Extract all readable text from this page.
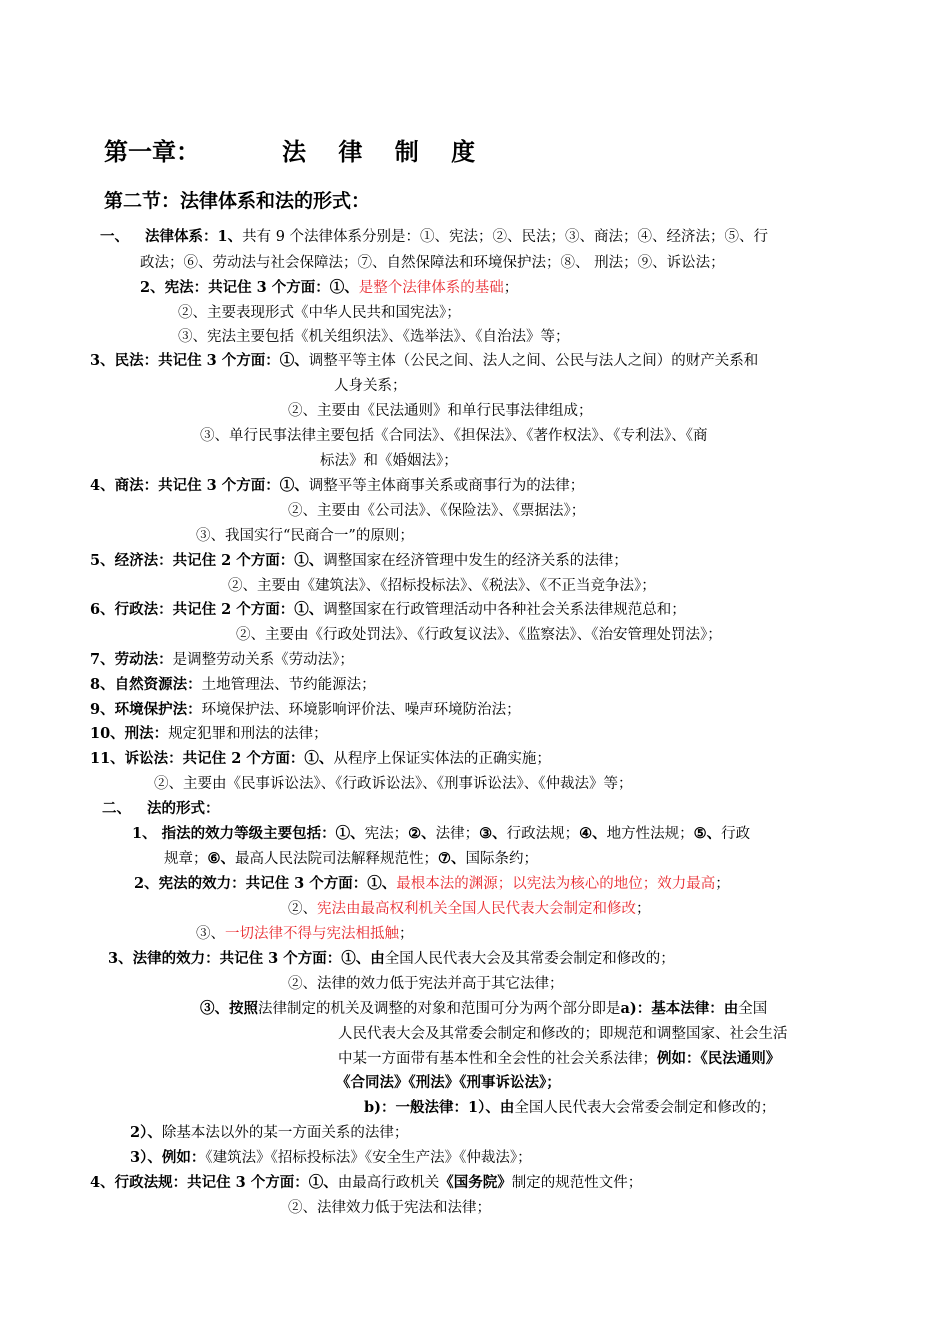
第一章：	法 律 制 度
第二节：法律体系和法的形式：
一、 法律体系：1、共有 9 个法律体系分别是：①、宪法；②、民法；③、商法；④、经济法；⑤、行
政法；⑥、劳动法与社会保障法；⑦、自然保障法和环境保护法；⑧、 刑法；⑨、诉讼法；
2、宪法：共记住 3 个方面：①、是整个法律体系的基础；
②、主要表现形式《中华人民共和国宪法》；
③、宪法主要包括《机关组织法》、《选举法》、《自治法》等；
3、民法：共记住 3 个方面：①、调整平等主体（公民之间、法人之间、公民与法人之间）的财产关系和
人身关系；
②、主要由《民法通则》和单行民事法律组成；
③、单行民事法律主要包括《合同法》、《担保法》、《著作权法》、《专利法》、《商
标法》和《婚姻法》；
4、商法：共记住 3 个方面：①、调整平等主体商事关系或商事行为的法律；
②、主要由《公司法》、《保险法》、《票据法》；
③、我国实行“民商合一”的原则；
5、经济法：共记住 2 个方面：①、调整国家在经济管理中发生的经济关系的法律；
②、主要由《建筑法》、《招标投标法》、《税法》、《不正当竞争法》；
6、行政法：共记住 2 个方面：①、调整国家在行政管理活动中各种社会关系法律规范总和；
②、主要由《行政处罚法》、《行政复议法》、《监察法》、《治安管理处罚法》；
7、劳动法：是调整劳动关系《劳动法》；
8、自然资源法：土地管理法、节约能源法；
9、环境保护法：环境保护法、环境影响评价法、噪声环境防治法；
10、刑法：规定犯罪和刑法的法律；
11、诉讼法：共记住 2 个方面：①、从程序上保证实体法的正确实施；
②、主要由《民事诉讼法》、《行政诉讼法》、《刑事诉讼法》、《仲裁法》等；
二、 法的形式：
1、 指法的效力等级主要包括：①、宪法；②、法律；③、行政法规；④、地方性法规；⑤、行政
规章；⑥、最高人民法院司法解释规范性；⑦、国际条约；
2、宪法的效力：共记住 3 个方面：①、最根本法的渊源；以宪法为核心的地位；效力最高；
②、宪法由最高权利机关全国人民代表大会制定和修改；
③、一切法律不得与宪法相抵触；
3、法律的效力：共记住 3 个方面：①、由全国人民代表大会及其常委会制定和修改的；
②、法律的效力低于宪法并高于其它法律；
③、按照法律制定的机关及调整的对象和范围可分为两个部分即是a)：基本法律：由全国
人民代表大会及其常委会制定和修改的；即规范和调整国家、社会生活
中某一方面带有基本性和全会性的社会关系法律；例如：《民法通则》
《合同法》《刑法》《刑事诉讼法》；
b)：一般法律：1）、由全国人民代表大会常委会制定和修改的；
2）、除基本法以外的某一方面关系的法律；
3）、例如：《建筑法》《招标投标法》《安全生产法》《仲裁法》；
4、行政法规：共记住 3 个方面：①、由最高行政机关《国务院》制定的规范性文件；
②、法律效力低于宪法和法律；
